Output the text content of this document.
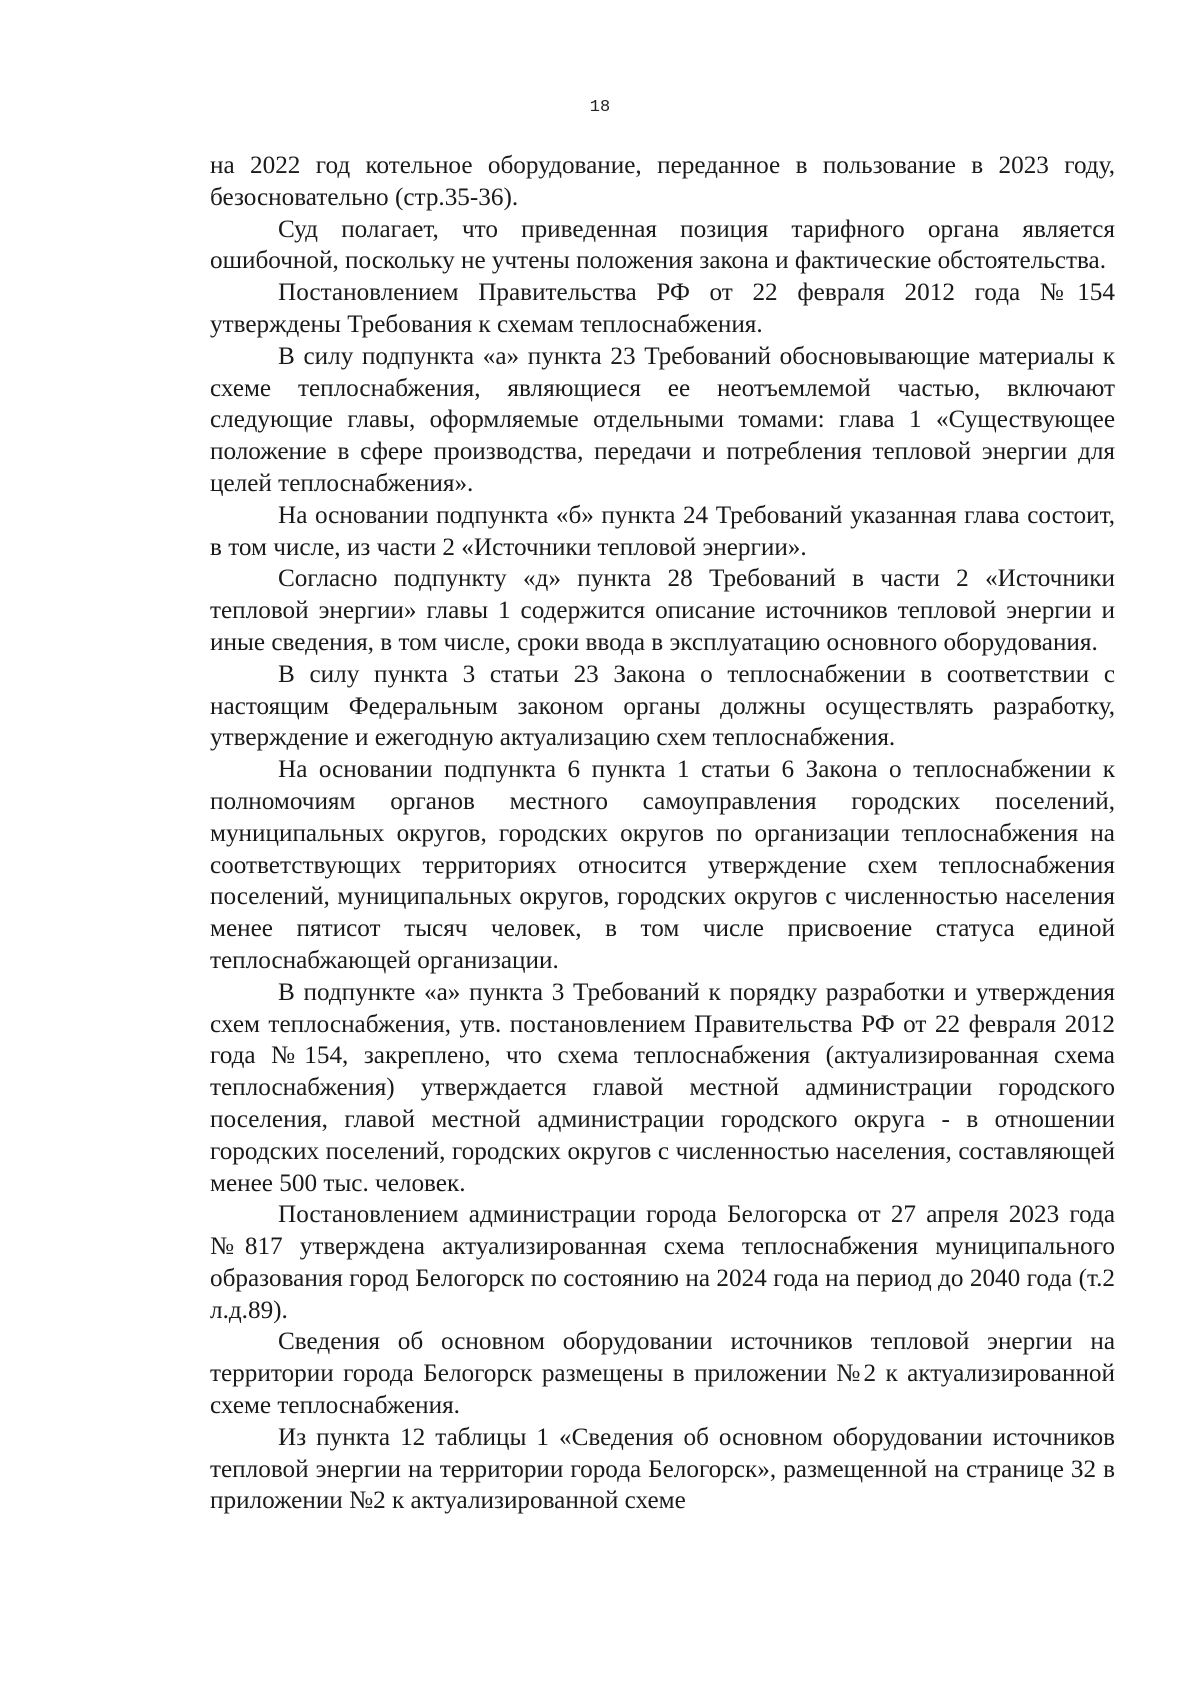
18

на 2022 год котельное оборудование, переданное в пользование в 2023 году, безосновательно (стр.35-36).

Суд полагает, что приведенная позиция тарифного органа является ошибочной, поскольку не учтены положения закона и фактические обстоятельства.

Постановлением Правительства РФ от 22 февраля 2012 года №154 утверждены Требования к схемам теплоснабжения.

В силу подпункта «а» пункта 23 Требований обосновывающие материалы к схеме теплоснабжения, являющиеся ее неотъемлемой частью, включают следующие главы, оформляемые отдельными томами: глава 1 «Существующее положение в сфере производства, передачи и потребления тепловой энергии для целей теплоснабжения».

На основании подпункта «б» пункта 24 Требований указанная глава состоит, в том числе, из части 2 «Источники тепловой энергии».

Согласно подпункту «д» пункта 28 Требований в части 2 «Источники тепловой энергии» главы 1 содержится описание источников тепловой энергии и иные сведения, в том числе, сроки ввода в эксплуатацию основного оборудования.

В силу пункта 3 статьи 23 Закона о теплоснабжении в соответствии с настоящим Федеральным законом органы должны осуществлять разработку, утверждение и ежегодную актуализацию схем теплоснабжения.

На основании подпункта 6 пункта 1 статьи 6 Закона о теплоснабжении к полномочиям органов местного самоуправления городских поселений, муниципальных округов, городских округов по организации теплоснабжения на соответствующих территориях относится утверждение схем теплоснабжения поселений, муниципальных округов, городских округов с численностью населения менее пятисот тысяч человек, в том числе присвоение статуса единой теплоснабжающей организации.

В подпункте «а» пункта 3 Требований к порядку разработки и утверждения схем теплоснабжения, утв. постановлением Правительства РФ от 22 февраля 2012 года №154, закреплено, что схема теплоснабжения (актуализированная схема теплоснабжения) утверждается главой местной администрации городского поселения, главой местной администрации городского округа - в отношении городских поселений, городских округов с численностью населения, составляющей менее 500 тыс. человек.

Постановлением администрации города Белогорска от 27 апреля 2023 года №817 утверждена актуализированная схема теплоснабжения муниципального образования город Белогорск по состоянию на 2024 года на период до 2040 года (т.2 л.д.89).

Сведения об основном оборудовании источников тепловой энергии на территории города Белогорск размещены в приложении №2 к актуализированной схеме теплоснабжения.

Из пункта 12 таблицы 1 «Сведения об основном оборудовании источников тепловой энергии на территории города Белогорск», размещенной на странице 32 в приложении №2 к актуализированной схеме
